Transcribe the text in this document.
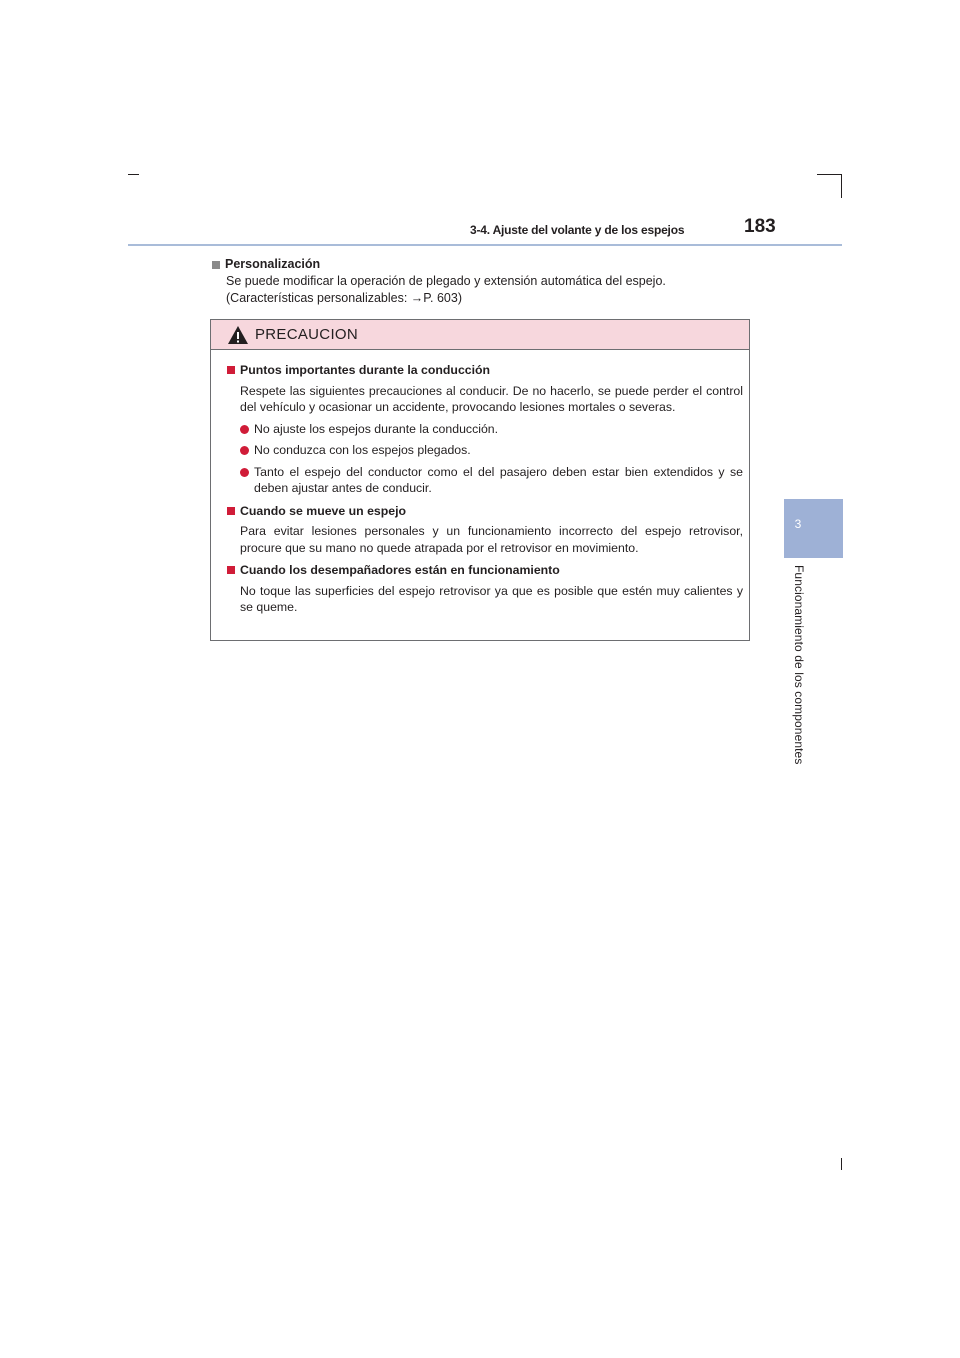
3-4. Ajuste del volante y de los espejos	183
3
Funcionamiento de los componentes
Personalización
Se puede modificar la operación de plegado y extensión automática del espejo.
(Características personalizables: →P. 603)
PRECAUCION
Puntos importantes durante la conducción
Respete las siguientes precauciones al conducir. De no hacerlo, se puede perder el control del vehículo y ocasionar un accidente, provocando lesiones mortales o severas.
No ajuste los espejos durante la conducción.
No conduzca con los espejos plegados.
Tanto el espejo del conductor como el del pasajero deben estar bien extendidos y se deben ajustar antes de conducir.
Cuando se mueve un espejo
Para evitar lesiones personales y un funcionamiento incorrecto del espejo retrovisor, procure que su mano no quede atrapada por el retrovisor en movimiento.
Cuando los desempañadores están en funcionamiento
No toque las superficies del espejo retrovisor ya que es posible que estén muy calientes y se queme.
